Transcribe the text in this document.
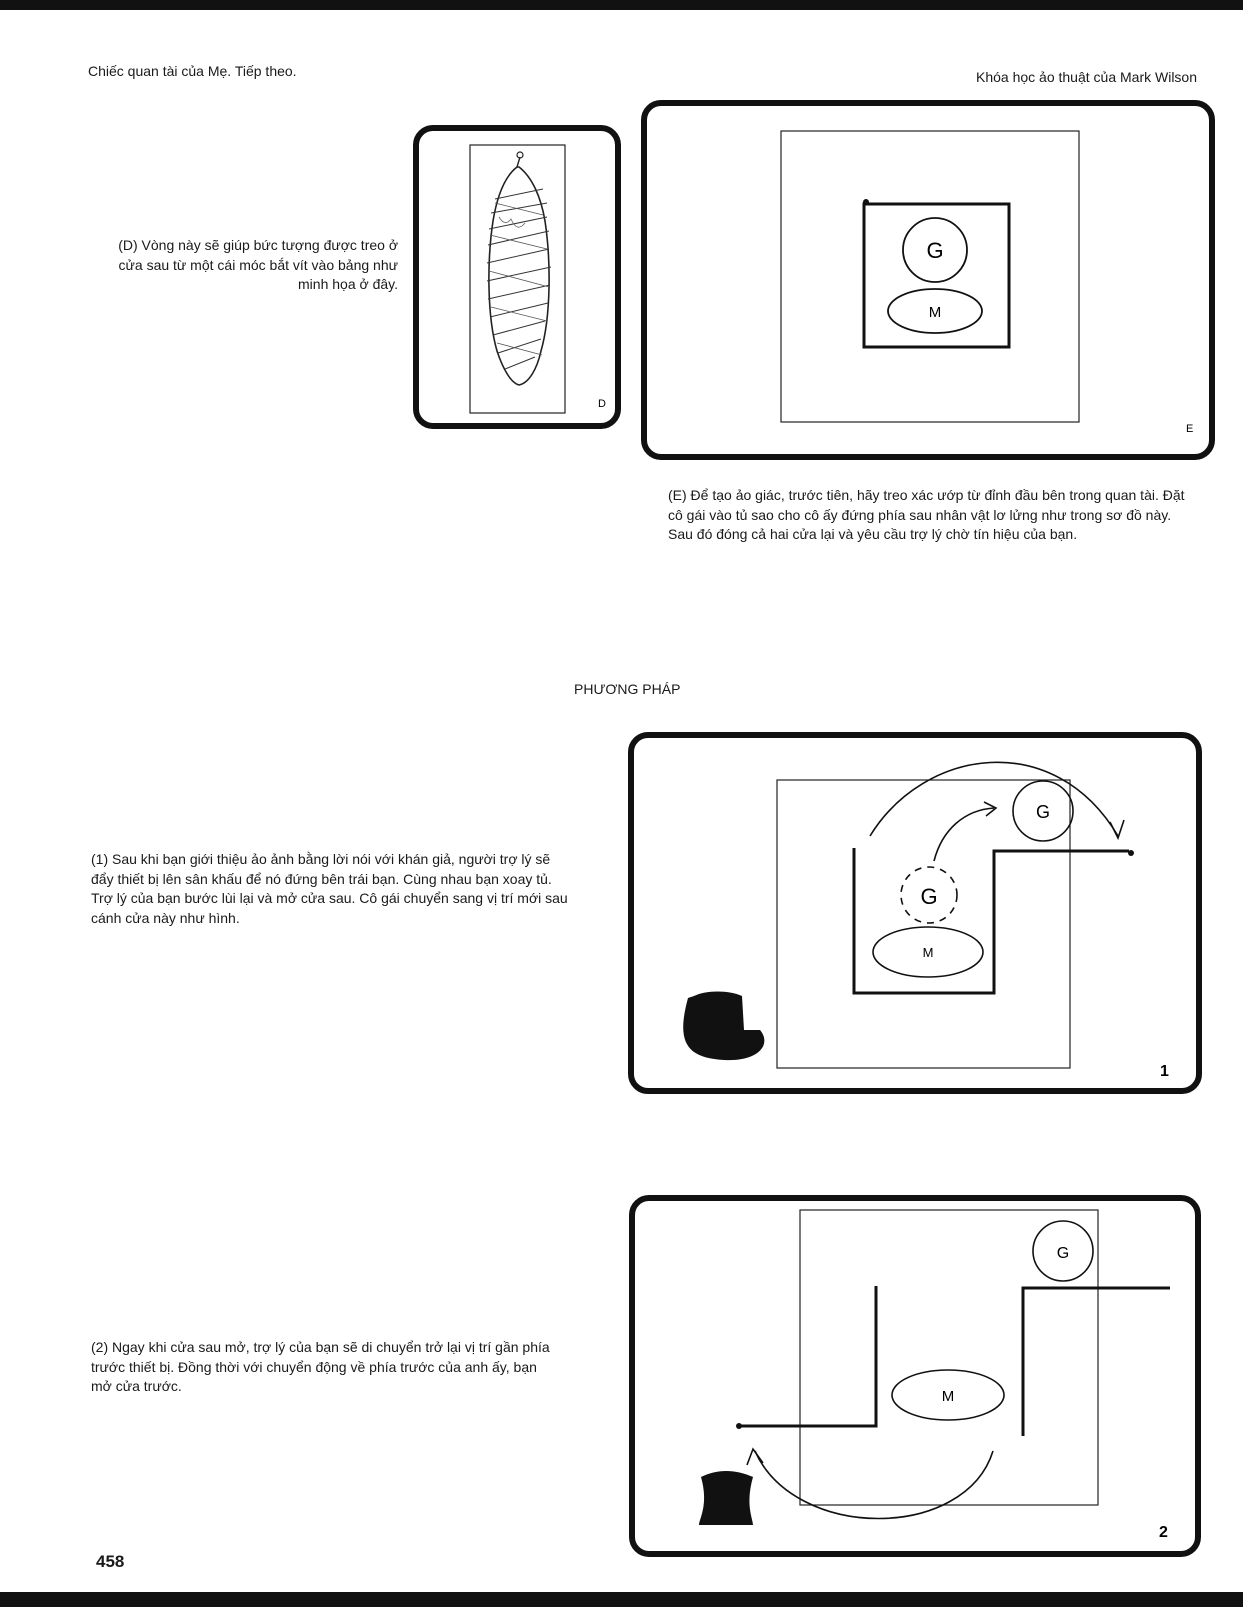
Chiếc quan tài của Mẹ. Tiếp theo.	Khóa học ảo thuật của Mark Wilson
D
(D) Vòng này sẽ giúp bức tượng được treo ở cửa sau từ một cái móc bắt vít vào bảng như minh họa ở đây.
G
M
E
(E) Để tạo ảo giác, trước tiên, hãy treo xác ướp từ đỉnh đầu bên trong quan tài. Đặt cô gái vào tủ sao cho cô ấy đứng phía sau nhân vật lơ lửng như trong sơ đồ này. Sau đó đóng cả hai cửa lại và yêu cầu trợ lý chờ tín hiệu của bạn.
PHƯƠNG PHÁP
G
G
M
1
(1) Sau khi bạn giới thiệu ảo ảnh bằng lời nói với khán giả, người trợ lý sẽ đẩy thiết bị lên sân khấu để nó đứng bên trái bạn. Cùng nhau bạn xoay tủ. Trợ lý của bạn bước lùi lại và mở cửa sau. Cô gái chuyển sang vị trí mới sau cánh cửa này như hình.
G
M
2
(2) Ngay khi cửa sau mở, trợ lý của bạn sẽ di chuyển trở lại vị trí gần phía trước thiết bị. Đồng thời với chuyển động về phía trước của anh ấy, bạn mở cửa trước.
458
